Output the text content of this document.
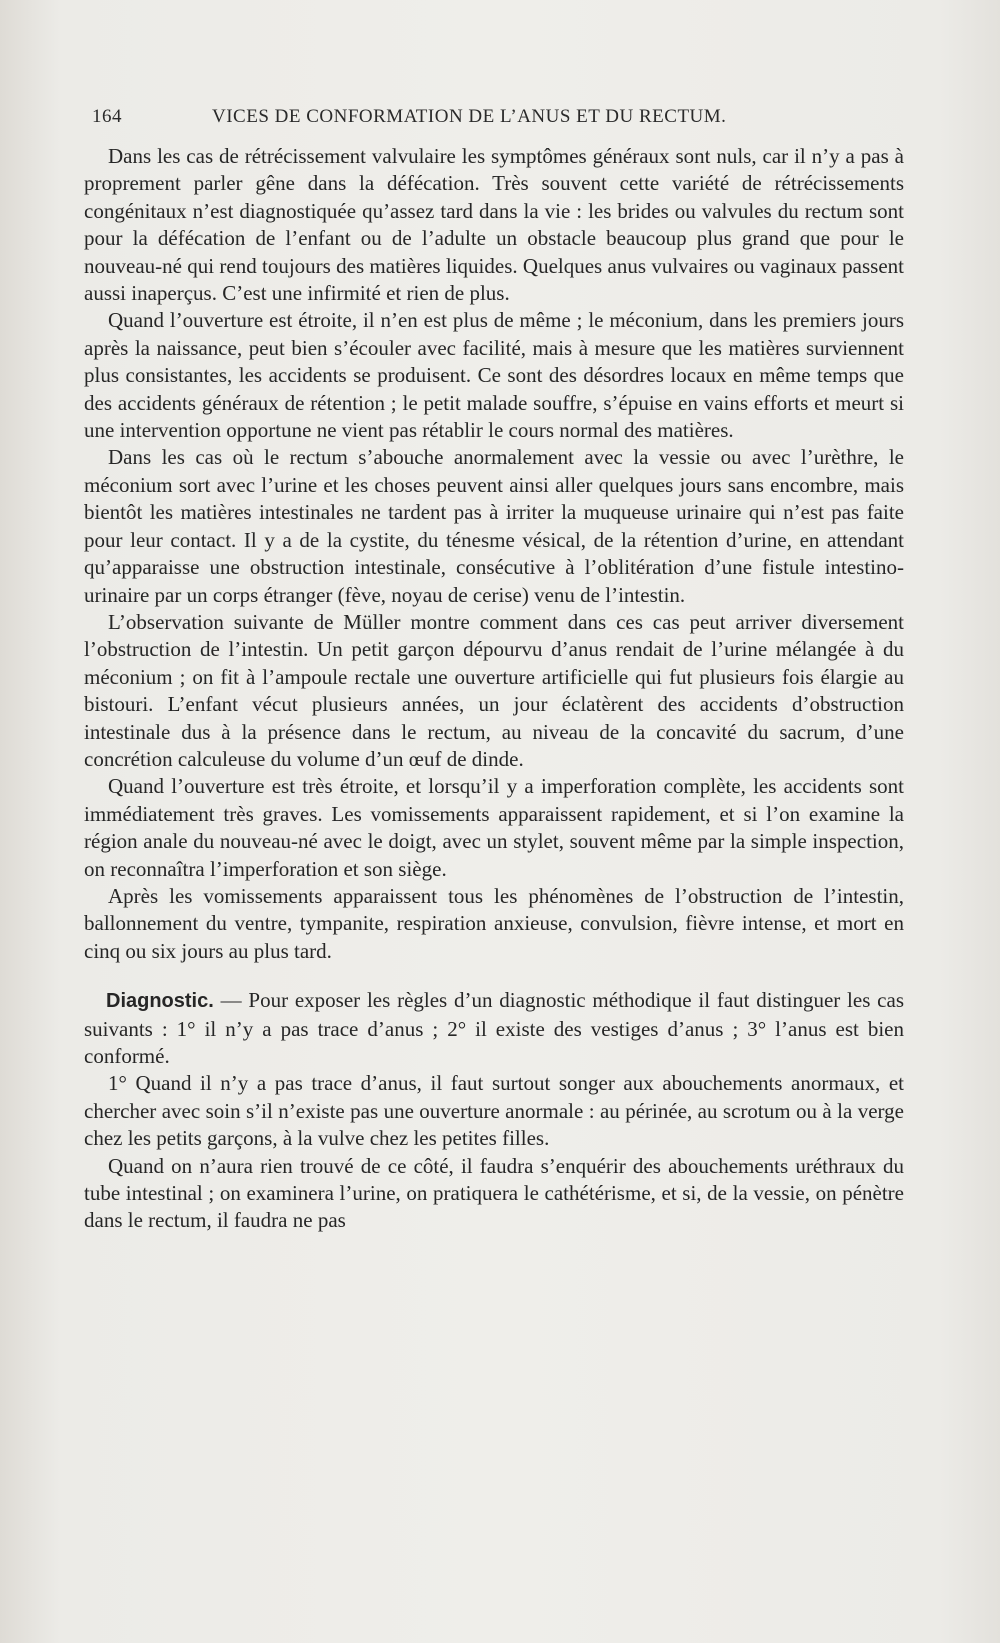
164	VICES DE CONFORMATION DE L’ANUS ET DU RECTUM.

Dans les cas de rétrécissement valvulaire les symptômes généraux sont nuls, car il n’y a pas à proprement parler gêne dans la défécation. Très souvent cette variété de rétrécissements congénitaux n’est diagnostiquée qu’assez tard dans la vie : les brides ou valvules du rectum sont pour la défécation de l’enfant ou de l’adulte un obstacle beaucoup plus grand que pour le nouveau-né qui rend toujours des matières liquides. Quelques anus vulvaires ou vaginaux passent aussi inaperçus. C’est une infirmité et rien de plus.

Quand l’ouverture est étroite, il n’en est plus de même ; le méconium, dans les premiers jours après la naissance, peut bien s’écouler avec facilité, mais à mesure que les matières surviennent plus consistantes, les accidents se produisent. Ce sont des désordres locaux en même temps que des accidents généraux de rétention ; le petit malade souffre, s’épuise en vains efforts et meurt si une intervention opportune ne vient pas rétablir le cours normal des matières.

Dans les cas où le rectum s’abouche anormalement avec la vessie ou avec l’urèthre, le méconium sort avec l’urine et les choses peuvent ainsi aller quelques jours sans encombre, mais bientôt les matières intestinales ne tardent pas à irriter la muqueuse urinaire qui n’est pas faite pour leur contact. Il y a de la cystite, du ténesme vésical, de la rétention d’urine, en attendant qu’apparaisse une obstruction intestinale, consécutive à l’oblitération d’une fistule intestino-urinaire par un corps étranger (fève, noyau de cerise) venu de l’intestin.

L’observation suivante de Müller montre comment dans ces cas peut arriver diversement l’obstruction de l’intestin. Un petit garçon dépourvu d’anus rendait de l’urine mélangée à du méconium ; on fit à l’ampoule rectale une ouverture artificielle qui fut plusieurs fois élargie au bistouri. L’enfant vécut plusieurs années, un jour éclatèrent des accidents d’obstruction intestinale dus à la présence dans le rectum, au niveau de la concavité du sacrum, d’une concrétion calculeuse du volume d’un œuf de dinde.

Quand l’ouverture est très étroite, et lorsqu’il y a imperforation complète, les accidents sont immédiatement très graves. Les vomissements apparaissent rapidement, et si l’on examine la région anale du nouveau-né avec le doigt, avec un stylet, souvent même par la simple inspection, on reconnaîtra l’imperforation et son siège.

Après les vomissements apparaissent tous les phénomènes de l’obstruction de l’intestin, ballonnement du ventre, tympanite, respiration anxieuse, convulsion, fièvre intense, et mort en cinq ou six jours au plus tard.

Diagnostic. — Pour exposer les règles d’un diagnostic méthodique il faut distinguer les cas suivants : 1° il n’y a pas trace d’anus ; 2° il existe des vestiges d’anus ; 3° l’anus est bien conformé.

1° Quand il n’y a pas trace d’anus, il faut surtout songer aux abouchements anormaux, et chercher avec soin s’il n’existe pas une ouverture anormale : au périnée, au scrotum ou à la verge chez les petits garçons, à la vulve chez les petites filles.

Quand on n’aura rien trouvé de ce côté, il faudra s’enquérir des abouchements uréthraux du tube intestinal ; on examinera l’urine, on pratiquera le cathétérisme, et si, de la vessie, on pénètre dans le rectum, il faudra ne pas
